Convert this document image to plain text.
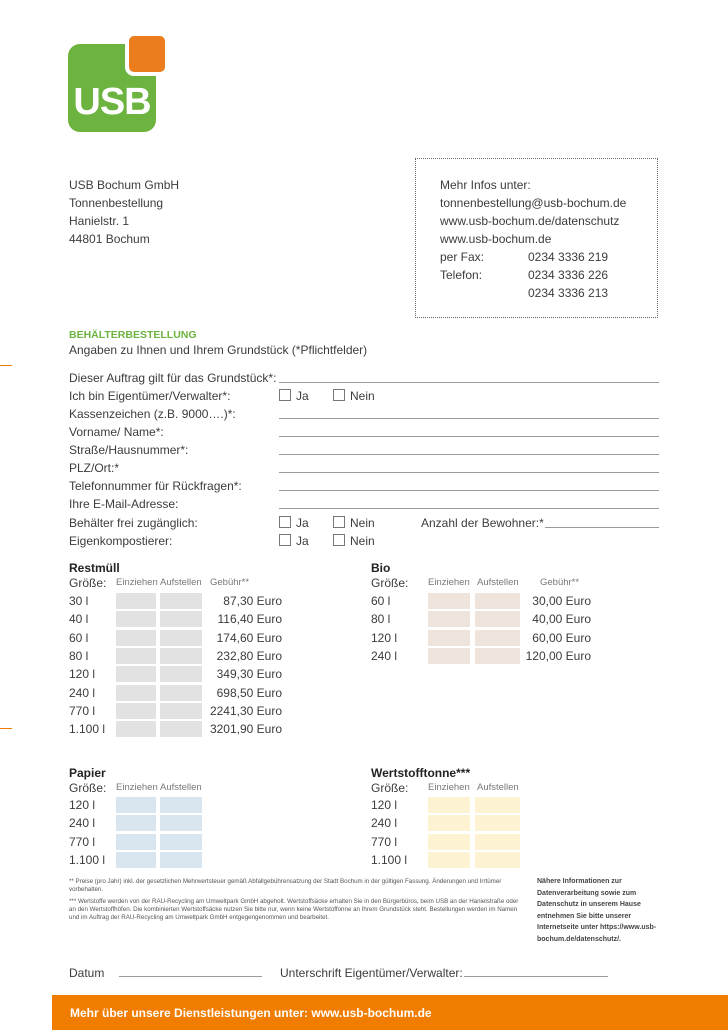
USB
USB Bochum GmbH
Tonnenbestellung
Hanielstr. 1
44801 Bochum
Mehr Infos unter:
tonnenbestellung@usb-bochum.de
www.usb-bochum.de/datenschutz
www.usb-bochum.de
per Fax:	0234 3336 219
Telefon:	0234 3336 226
0234 3336 213
BEHÄLTERBESTELLUNG
Angaben zu Ihnen und Ihrem Grundstück (*Pflichtfelder)
Dieser Auftrag gilt für das Grundstück*:
Ich bin Eigentümer/Verwalter*:	Ja	Nein
Kassenzeichen (z.B. 9000….)*:
Vorname/ Name*:
Straße/Hausnummer*:
PLZ/Ort:*
Telefonnummer für Rückfragen*:
Ihre E-Mail-Adresse:
Behälter frei zugänglich:	Ja	Nein	Anzahl der Bewohner:*
Eigenkompostierer:	Ja	Nein
Restmüll
Größe: Einziehen Aufstellen Gebühr**
30 l	87,30 Euro
40 l	116,40 Euro
60 l	174,60 Euro
80 l	232,80 Euro
120 l	349,30 Euro
240 l	698,50 Euro
770 l	2241,30 Euro
1.100 l	3201,90 Euro
Bio
Größe: Einziehen Aufstellen Gebühr**
60 l	30,00 Euro
80 l	40,00 Euro
120 l	60,00 Euro
240 l	120,00 Euro
Papier
Größe: Einziehen Aufstellen
120 l
240 l
770 l
1.100 l
Wertstofftonne***
Größe: Einziehen Aufstellen
120 l
240 l
770 l
1.100 l
** Preise (pro Jahr) inkl. der gesetzlichen Mehrwertsteuer gemäß Abfallgebührensatzung der Stadt Bochum in der gültigen Fassung. Änderungen und Irrtümer vorbehalten.
*** Wertstoffe werden von der RAU-Recycling am Umweltpark GmbH abgeholt. Wertstoffsäcke erhalten Sie in den Bürgerbüros, beim USB an der Hanielstraße oder an den Wertstoffhöfen. Die kombinierten Wertstoffsäcke nutzen Sie bitte nur, wenn keine Wertstoffonne an Ihrem Grundstück steht. Bestellungen werden im Namen und im Auftrag der RAU-Recycling am Umweltpark GmbH entgegengenommen und bearbeitet.
Nähere Informationen zur Datenverarbeitung sowie zum Datenschutz in unserem Hause entnehmen Sie bitte unserer Internetseite unter https://www.usb-bochum.de/datenschutz/.
Datum	Unterschrift Eigentümer/Verwalter:
Mehr über unsere Dienstleistungen unter: www.usb-bochum.de
